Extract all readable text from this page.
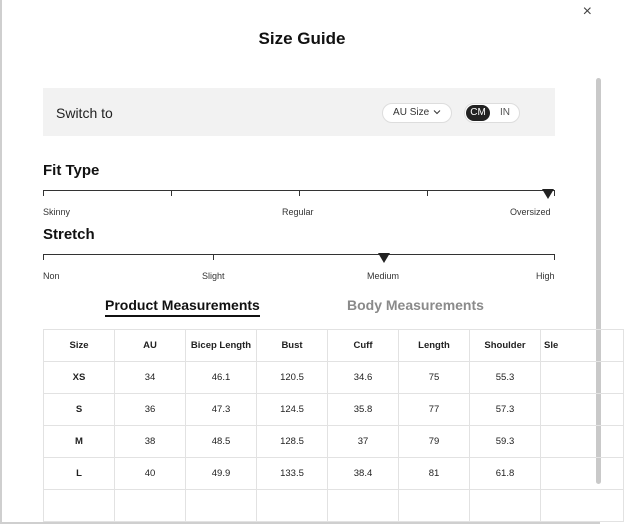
×
Size Guide
Switch to	AU Size	CM	IN
Fit Type
Skinny	Regular	Oversized
Stretch
Non	Slight	Medium	High
Product Measurements	Body Measurements
Size	AU	Bicep Length	Bust	Cuff	Length	Shoulder	Sle
XS	34	46.1	120.5	34.6	75	55.3	
S	36	47.3	124.5	35.8	77	57.3	
M	38	48.5	128.5	37	79	59.3	
L	40	49.9	133.5	38.4	81	61.8	
